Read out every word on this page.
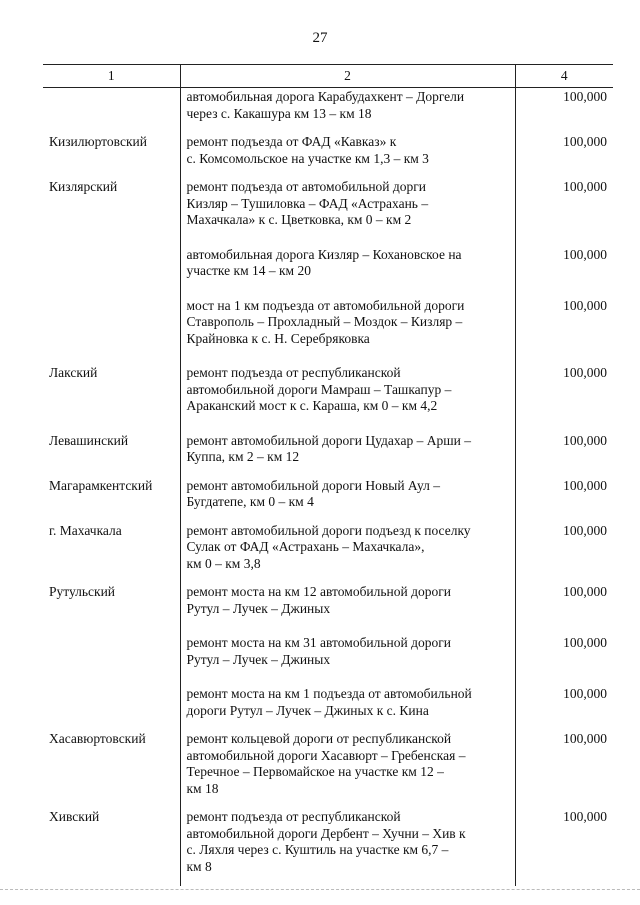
27
1	2	4

	автомобильная дорога Карабудахкент – Доргели
через с. Какашура км 13 – км 18	100,000
Кизилюртовский	ремонт подъезда от ФАД «Кавказ» к
с. Комсомольское на участке км 1,3 – км 3	100,000
Кизлярский	ремонт подъезда от автомобильной дорги
Кизляр – Тушиловка – ФАД «Астрахань –
Махачкала» к с. Цветковка, км 0 – км 2	100,000

	автомобильная дорога Кизляр – Кохановское на
участке км 14 – км 20	100,000

	мост на 1 км подъезда от автомобильной дороги
Ставрополь – Прохладный – Моздок – Кизляр –
Крайновка к с. Н. Серебряковка	100,000
Лакский	ремонт подъезда от республиканской
автомобильной дороги Мамраш – Ташкапур –
Араканский мост к с. Караша, км 0 – км 4,2	100,000
Левашинский	ремонт автомобильной дороги Цудахар – Арши –
Куппа, км 2 – км 12	100,000
Магарамкентский	ремонт автомобильной дороги Новый Аул –
Бугдатепе, км 0 – км 4	100,000
г. Махачкала	ремонт автомобильной дороги подъезд к поселку
Сулак от ФАД «Астрахань – Махачкала»,
км 0 – км 3,8	100,000
Рутульский	ремонт моста на км 12 автомобильной дороги
Рутул – Лучек – Джиных	100,000

	ремонт моста на км 31 автомобильной дороги
Рутул – Лучек – Джиных	100,000

	ремонт моста на км 1 подъезда от автомобильной
дороги Рутул – Лучек – Джиных к с. Кина	100,000
Хасавюртовский	ремонт кольцевой дороги от республиканской
автомобильной дороги Хасавюрт – Гребенская –
Теречное – Первомайское на участке км 12 –
км 18	100,000
Хивский	ремонт подъезда от республиканской
автомобильной дороги Дербент – Хучни – Хив к
с. Ляхля через с. Куштиль на участке км 6,7 –
км 8	100,000
